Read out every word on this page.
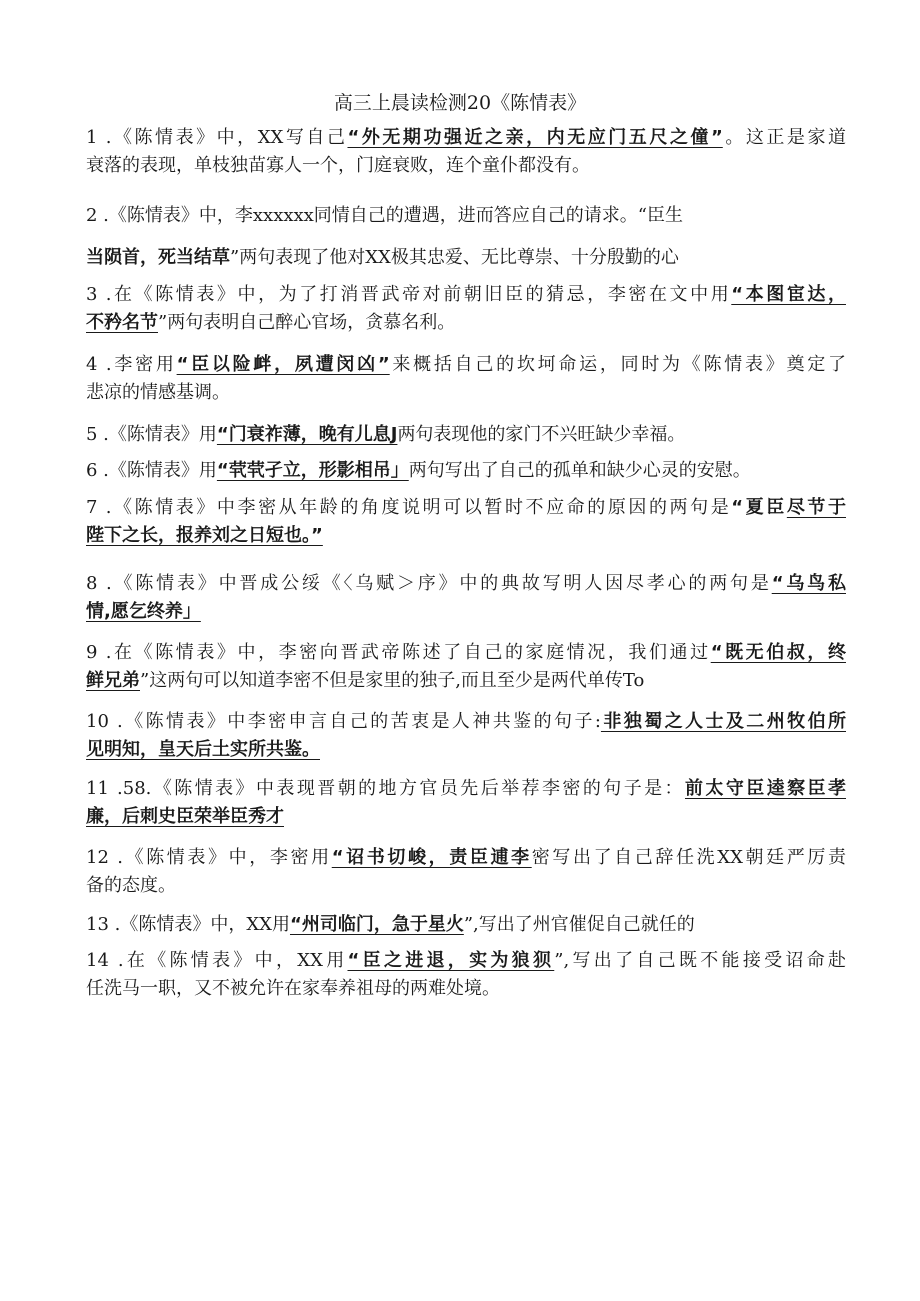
高三上晨读检测20《陈情表》
1 .《陈情表》中，XX写自己“外无期功强近之亲，内无应门五尺之僮”。这正是家道
衰落的表现，单枝独苗寡人一个，门庭衰败，连个童仆都没有。
2 .《陈情表》中，李xxxxxx同情自己的遭遇，进而答应自己的请求。“臣生
当陨首，死当结草”两句表现了他对XX极其忠爱、无比尊崇、十分殷勤的心
3 .在《陈情表》中，为了打消晋武帝对前朝旧臣的猜忌，李密在文中用“本图宦达，
不矜名节”两句表明自己醉心官场，贪慕名利。
4 .李密用“臣以险衅，夙遭闵凶”来概括自己的坎坷命运，同时为《陈情表》奠定了
悲凉的情感基调。
5 .《陈情表》用“门衰祚薄，晚有儿息J两句表现他的家门不兴旺缺少幸福。
6 .《陈情表》用“茕茕孑立，形影相吊」两句写出了自己的孤单和缺少心灵的安慰。
7 .《陈情表》中李密从年龄的角度说明可以暂时不应命的原因的两句是“夏臣尽节于
陛下之长，报养刘之日短也。”
8 .《陈情表》中晋成公绥《〈乌赋＞序》中的典故写明人因尽孝心的两句是“乌鸟私
情,愿乞终养」
9 .在《陈情表》中，李密向晋武帝陈述了自己的家庭情况，我们通过“既无伯叔，终
鲜兄弟”这两句可以知道李密不但是家里的独子,而且至少是两代单传To
10 .《陈情表》中李密申言自己的苦衷是人神共鉴的句子:非独蜀之人士及二州牧伯所
见明知，皇天后土实所共鉴。
11 .58.《陈情表》中表现晋朝的地方官员先后举荐李密的句子是：前太守臣逵察臣孝
廉，后刺史臣荣举臣秀才
12 .《陈情表》中，李密用“诏书切峻，责臣逋李密写出了自己辞任洗XX朝廷严厉责
备的态度。
13 .《陈情表》中，XX用“州司临门，急于星火”,写出了州官催促自己就任的
14 .在《陈情表》中，XX用“臣之进退，实为狼狈”,写出了自己既不能接受诏命赴
任洗马一职，又不被允许在家奉养祖母的两难处境。
